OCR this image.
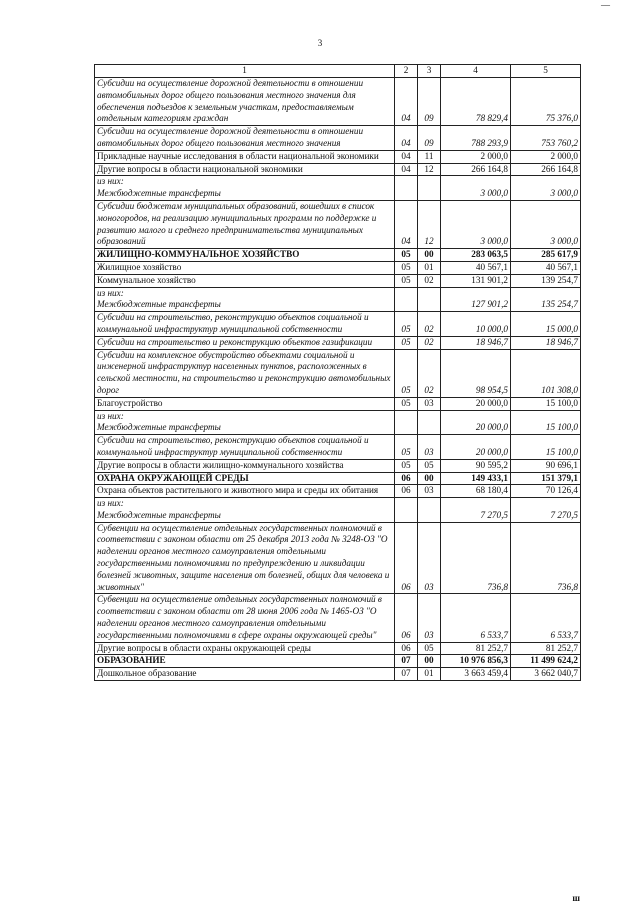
‒‒
3
1	2	3	4	5
Субсидии на осуществление дорожной деятельности в отношении автомобильных дорог общего пользования местного значения для обеспечения подъездов к земельным участкам, предоставляемым отдельным категориям граждан	04	09	78 829,4	75 376,0
Субсидии на осуществление дорожной деятельности в отношении автомобильных дорог общего пользования местного значения	04	09	788 293,9	753 760,2
Прикладные научные исследования в области национальной экономики	04	11	2 000,0	2 000,0
Другие вопросы в области национальной экономики	04	12	266 164,8	266 164,8
из них:
Межбюджетные трансферты			3 000,0	3 000,0
Субсидии бюджетам муниципальных образований, вошедших в список моногородов, на реализацию муниципальных программ по поддержке и развитию малого и среднего предпринимательства муниципальных образований	04	12	3 000,0	3 000,0
ЖИЛИЩНО-КОММУНАЛЬНОЕ ХОЗЯЙСТВО	05	00	283 063,5	285 617,9
Жилищное хозяйство	05	01	40 567,1	40 567,1
Коммунальное хозяйство	05	02	131 901,2	139 254,7
из них:
Межбюджетные трансферты			127 901,2	135 254,7
Субсидии на строительство, реконструкцию объектов социальной и коммунальной инфраструктур муниципальной собственности	05	02	10 000,0	15 000,0
Субсидии на строительство и реконструкцию объектов газификации	05	02	18 946,7	18 946,7
Субсидии на комплексное обустройство объектами социальной и инженерной инфраструктур населенных пунктов, расположенных в сельской местности, на строительство и реконструкцию автомобильных дорог	05	02	98 954,5	101 308,0
Благоустройство	05	03	20 000,0	15 100,0
из них:
Межбюджетные трансферты			20 000,0	15 100,0
Субсидии на строительство, реконструкцию объектов социальной и коммунальной инфраструктур муниципальной собственности	05	03	20 000,0	15 100,0
Другие вопросы в области жилищно-коммунального хозяйства	05	05	90 595,2	90 696,1
ОХРАНА ОКРУЖАЮЩЕЙ СРЕДЫ	06	00	149 433,1	151 379,1
Охрана объектов растительного и животного мира и среды их обитания	06	03	68 180,4	70 126,4
из них:
Межбюджетные трансферты			7 270,5	7 270,5
Субвенции на осуществление отдельных государственных полномочий в соответствии с законом области от 25 декабря 2013 года № 3248-ОЗ "О наделении органов местного самоуправления отдельными государственными полномочиями по предупреждению и ликвидации болезней животных, защите населения от болезней, общих для человека и животных"	06	03	736,8	736,8
Субвенции на осуществление отдельных государственных полномочий в соответствии с законом области от 28 июня 2006 года № 1465-ОЗ "О наделении органов местного самоуправления отдельными государственными полномочиями в сфере охраны окружающей среды"	06	03	6 533,7	6 533,7
Другие вопросы в области охраны окружающей среды	06	05	81 252,7	81 252,7
ОБРАЗОВАНИЕ	07	00	10 976 856,3	11 499 624,2
Дошкольное образование	07	01	3 663 459,4	3 662 040,7
ш
